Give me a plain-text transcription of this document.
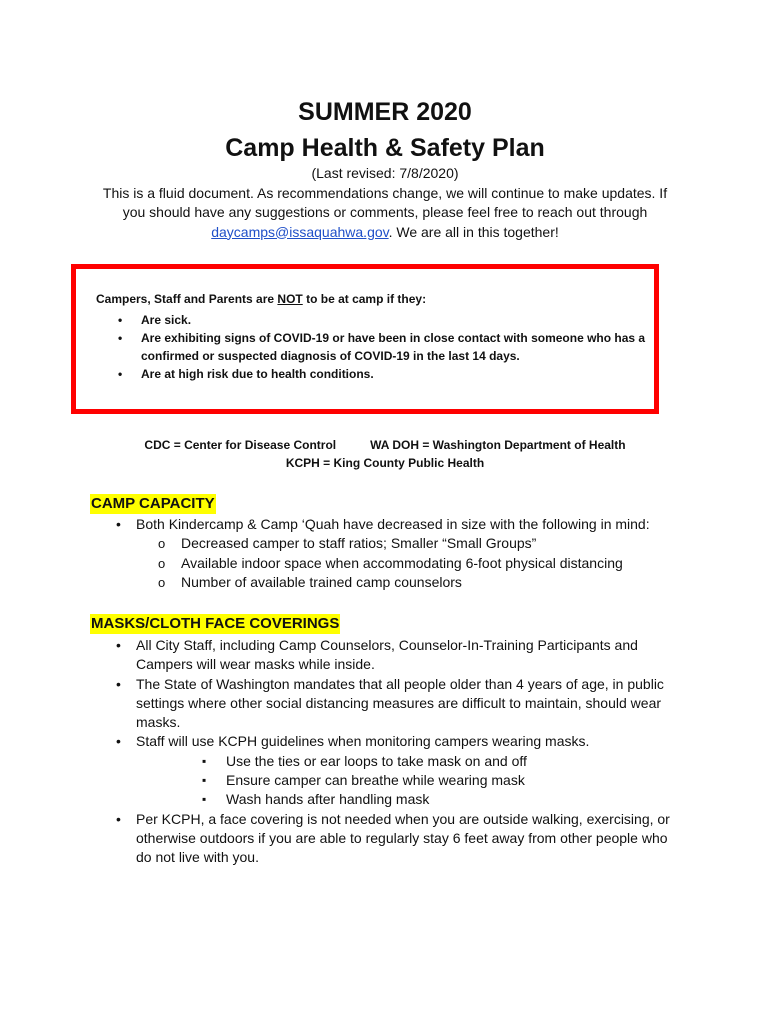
SUMMER 2020
Camp Health & Safety Plan
(Last revised: 7/8/2020)
This is a fluid document. As recommendations change, we will continue to make updates. If you should have any suggestions or comments, please feel free to reach out through daycamps@issaquahwa.gov. We are all in this together!
Campers, Staff and Parents are NOT to be at camp if they:
• Are sick.
• Are exhibiting signs of COVID-19 or have been in close contact with someone who has a confirmed or suspected diagnosis of COVID-19 in the last 14 days.
• Are at high risk due to health conditions.
CDC = Center for Disease Control	WA DOH = Washington Department of Health
KCPH = King County Public Health
CAMP CAPACITY
• Both Kindercamp & Camp ‘Quah have decreased in size with the following in mind:
o Decreased camper to staff ratios; Smaller “Small Groups”
o Available indoor space when accommodating 6-foot physical distancing
o Number of available trained camp counselors
MASKS/CLOTH FACE COVERINGS
• All City Staff, including Camp Counselors, Counselor-In-Training Participants and Campers will wear masks while inside.
• The State of Washington mandates that all people older than 4 years of age, in public settings where other social distancing measures are difficult to maintain, should wear masks.
• Staff will use KCPH guidelines when monitoring campers wearing masks.
▪ Use the ties or ear loops to take mask on and off
▪ Ensure camper can breathe while wearing mask
▪ Wash hands after handling mask
• Per KCPH, a face covering is not needed when you are outside walking, exercising, or otherwise outdoors if you are able to regularly stay 6 feet away from other people who do not live with you.
